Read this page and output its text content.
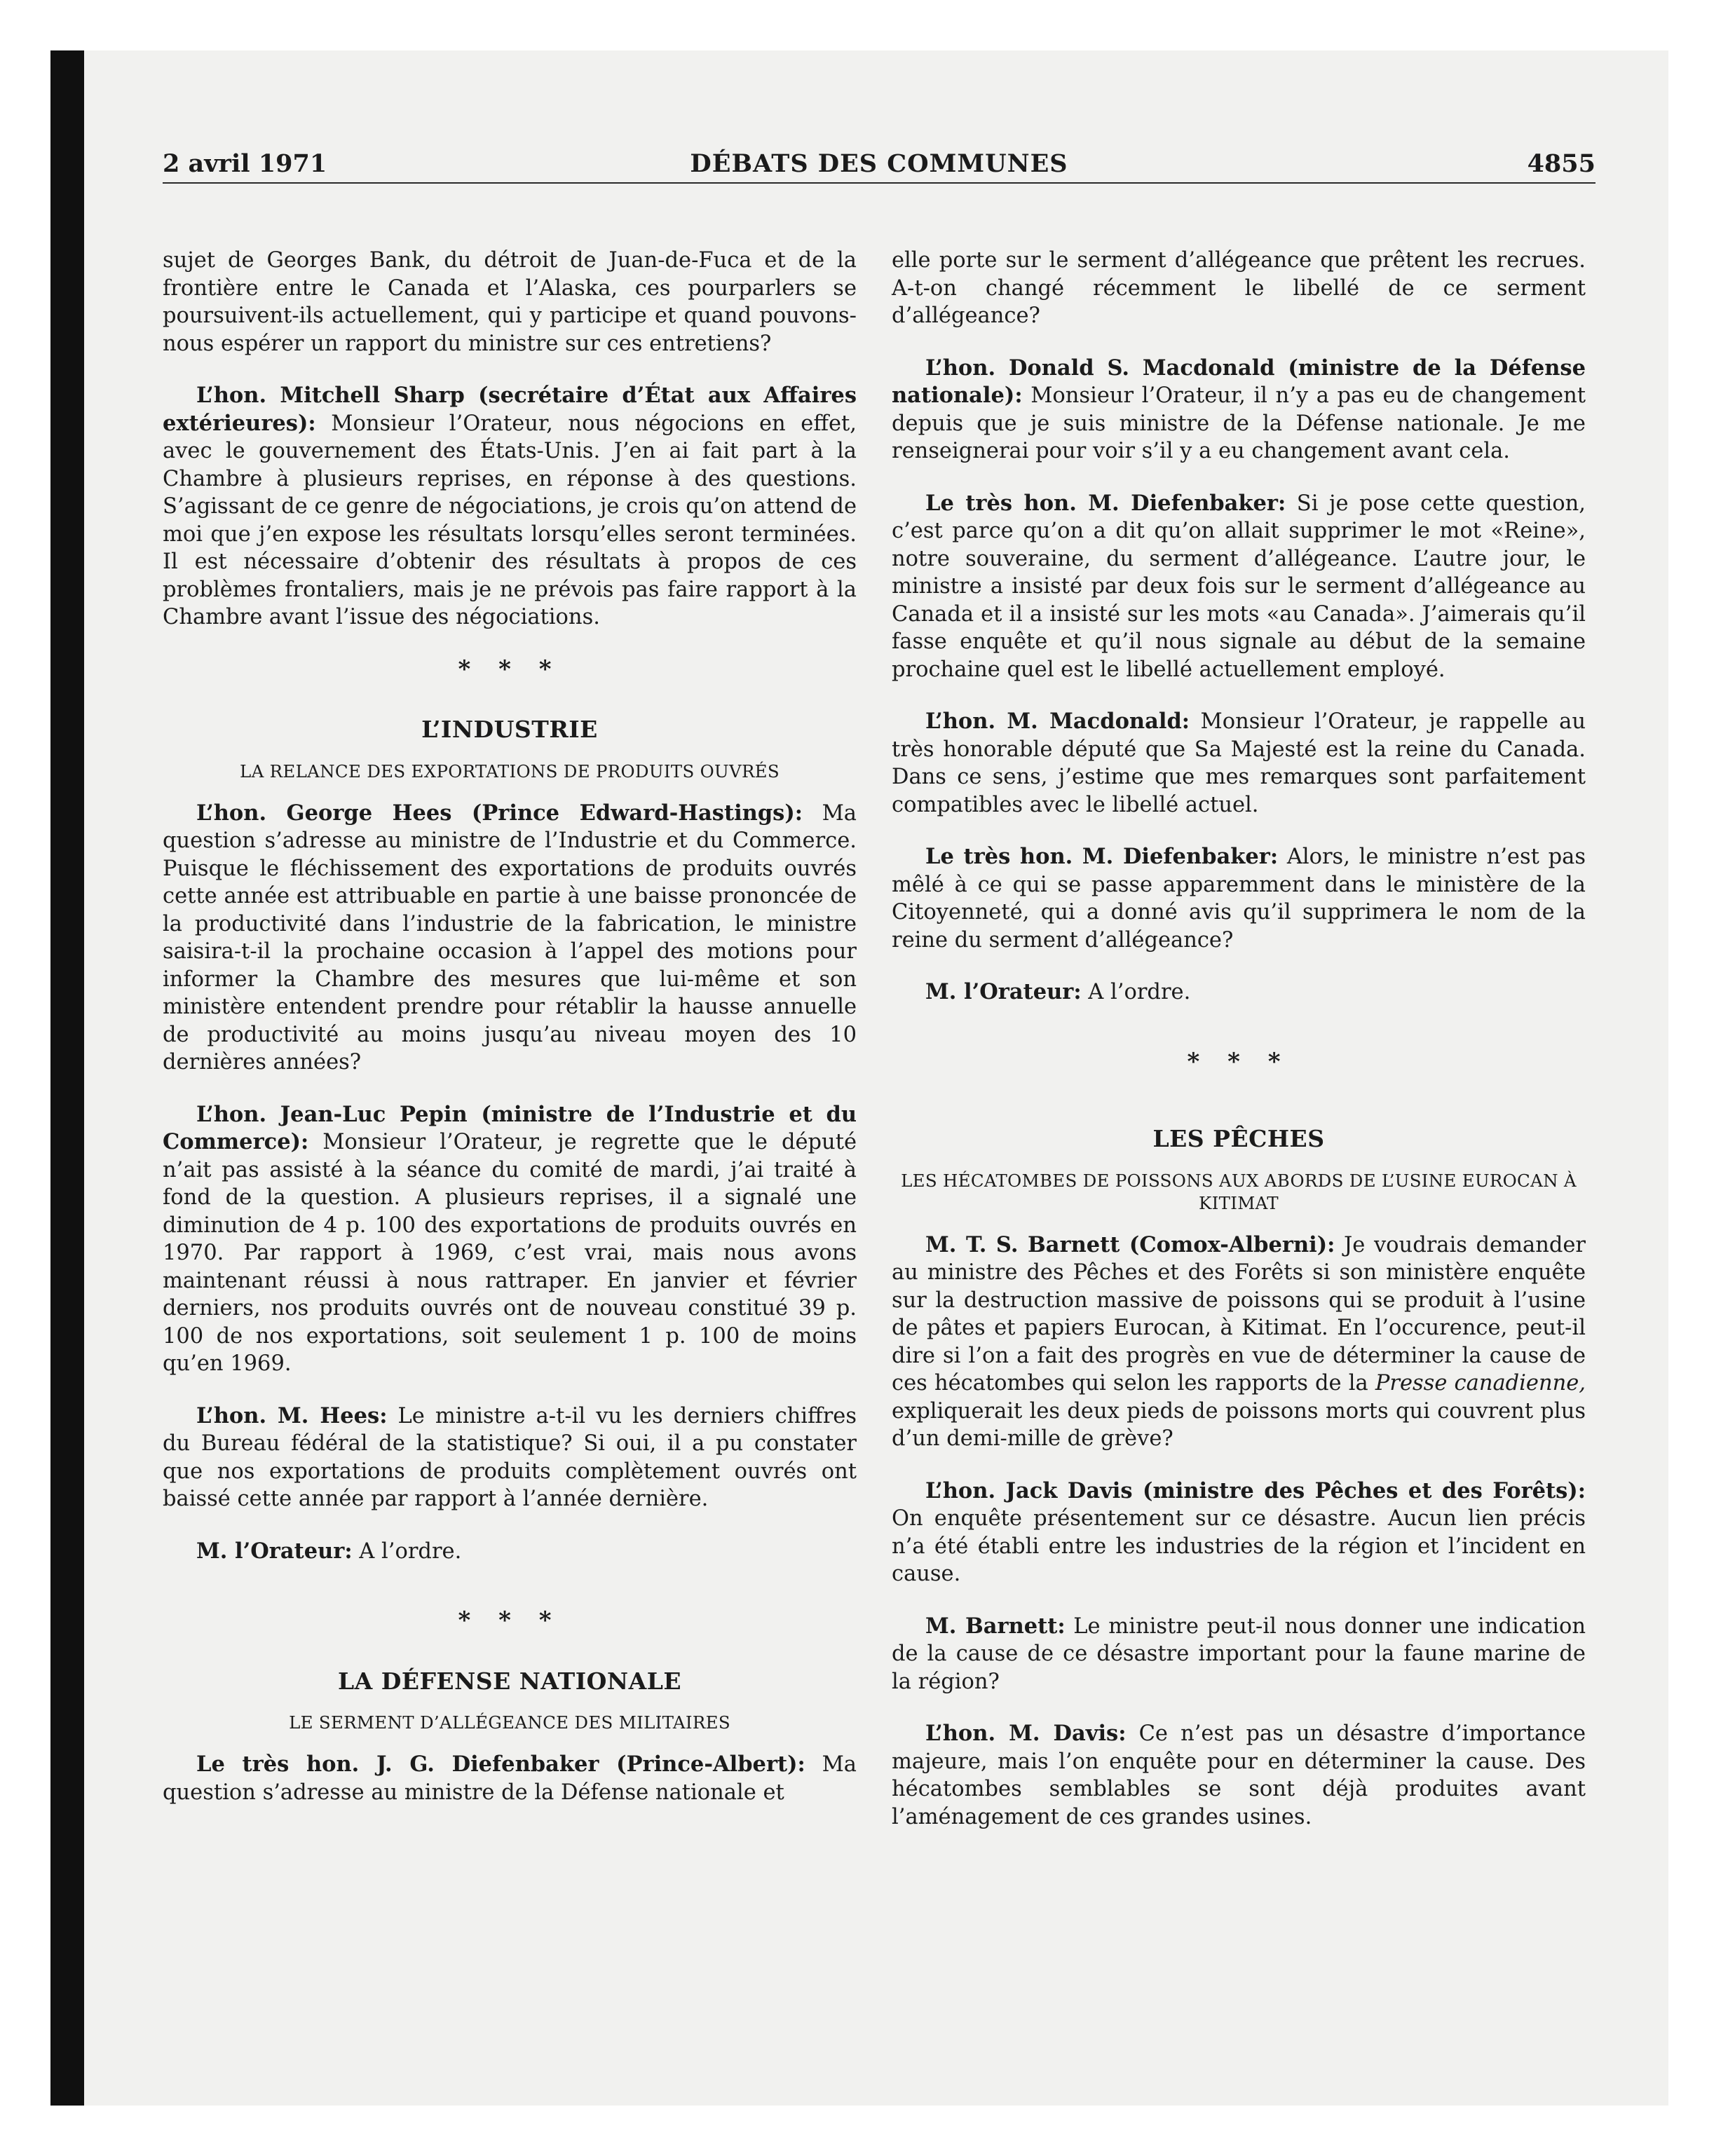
2 avril 1971	DÉBATS DES COMMUNES	4855

sujet de Georges Bank, du détroit de Juan-de-Fuca et de la frontière entre le Canada et l’Alaska, ces pourparlers se poursuivent-ils actuellement, qui y participe et quand pouvons-nous espérer un rapport du ministre sur ces entretiens?

L’hon. Mitchell Sharp (secrétaire d’État aux Affaires extérieures): Monsieur l’Orateur, nous négocions en effet, avec le gouvernement des États-Unis. J’en ai fait part à la Chambre à plusieurs reprises, en réponse à des questions. S’agissant de ce genre de négociations, je crois qu’on attend de moi que j’en expose les résultats lorsqu’elles seront terminées. Il est nécessaire d’obtenir des résultats à propos de ces problèmes frontaliers, mais je ne prévois pas faire rapport à la Chambre avant l’issue des négociations.

* * *
L’INDUSTRIE
LA RELANCE DES EXPORTATIONS DE PRODUITS OUVRÉS

L’hon. George Hees (Prince Edward-Hastings): Ma question s’adresse au ministre de l’Industrie et du Commerce. Puisque le fléchissement des exportations de produits ouvrés cette année est attribuable en partie à une baisse prononcée de la productivité dans l’industrie de la fabrication, le ministre saisira-t-il la prochaine occasion à l’appel des motions pour informer la Chambre des mesures que lui-même et son ministère entendent prendre pour rétablir la hausse annuelle de productivité au moins jusqu’au niveau moyen des 10 dernières années?

L’hon. Jean-Luc Pepin (ministre de l’Industrie et du Commerce): Monsieur l’Orateur, je regrette que le député n’ait pas assisté à la séance du comité de mardi, j’ai traité à fond de la question. A plusieurs reprises, il a signalé une diminution de 4 p. 100 des exportations de produits ouvrés en 1970. Par rapport à 1969, c’est vrai, mais nous avons maintenant réussi à nous rattraper. En janvier et février derniers, nos produits ouvrés ont de nouveau constitué 39 p. 100 de nos exportations, soit seulement 1 p. 100 de moins qu’en 1969.

L’hon. M. Hees: Le ministre a-t-il vu les derniers chiffres du Bureau fédéral de la statistique? Si oui, il a pu constater que nos exportations de produits complètement ouvrés ont baissé cette année par rapport à l’année dernière.

M. l’Orateur: A l’ordre.

* * *
LA DÉFENSE NATIONALE
LE SERMENT D’ALLÉGEANCE DES MILITAIRES

Le très hon. J. G. Diefenbaker (Prince-Albert): Ma question s’adresse au ministre de la Défense nationale et

elle porte sur le serment d’allégeance que prêtent les recrues. A-t-on changé récemment le libellé de ce serment d’allégeance?

L’hon. Donald S. Macdonald (ministre de la Défense nationale): Monsieur l’Orateur, il n’y a pas eu de changement depuis que je suis ministre de la Défense nationale. Je me renseignerai pour voir s’il y a eu changement avant cela.

Le très hon. M. Diefenbaker: Si je pose cette question, c’est parce qu’on a dit qu’on allait supprimer le mot «Reine», notre souveraine, du serment d’allégeance. L’autre jour, le ministre a insisté par deux fois sur le serment d’allégeance au Canada et il a insisté sur les mots «au Canada». J’aimerais qu’il fasse enquête et qu’il nous signale au début de la semaine prochaine quel est le libellé actuellement employé.

L’hon. M. Macdonald: Monsieur l’Orateur, je rappelle au très honorable député que Sa Majesté est la reine du Canada. Dans ce sens, j’estime que mes remarques sont parfaitement compatibles avec le libellé actuel.

Le très hon. M. Diefenbaker: Alors, le ministre n’est pas mêlé à ce qui se passe apparemment dans le ministère de la Citoyenneté, qui a donné avis qu’il supprimera le nom de la reine du serment d’allégeance?

M. l’Orateur: A l’ordre.

* * *
LES PÊCHES
LES HÉCATOMBES DE POISSONS AUX ABORDS DE L’USINE EUROCAN À KITIMAT

M. T. S. Barnett (Comox-Alberni): Je voudrais demander au ministre des Pêches et des Forêts si son ministère enquête sur la destruction massive de poissons qui se produit à l’usine de pâtes et papiers Eurocan, à Kitimat. En l’occurence, peut-il dire si l’on a fait des progrès en vue de déterminer la cause de ces hécatombes qui selon les rapports de la Presse canadienne, expliquerait les deux pieds de poissons morts qui couvrent plus d’un demi-mille de grève?

L’hon. Jack Davis (ministre des Pêches et des Forêts): On enquête présentement sur ce désastre. Aucun lien précis n’a été établi entre les industries de la région et l’incident en cause.

M. Barnett: Le ministre peut-il nous donner une indication de la cause de ce désastre important pour la faune marine de la région?

L’hon. M. Davis: Ce n’est pas un désastre d’importance majeure, mais l’on enquête pour en déterminer la cause. Des hécatombes semblables se sont déjà produites avant l’aménagement de ces grandes usines.
